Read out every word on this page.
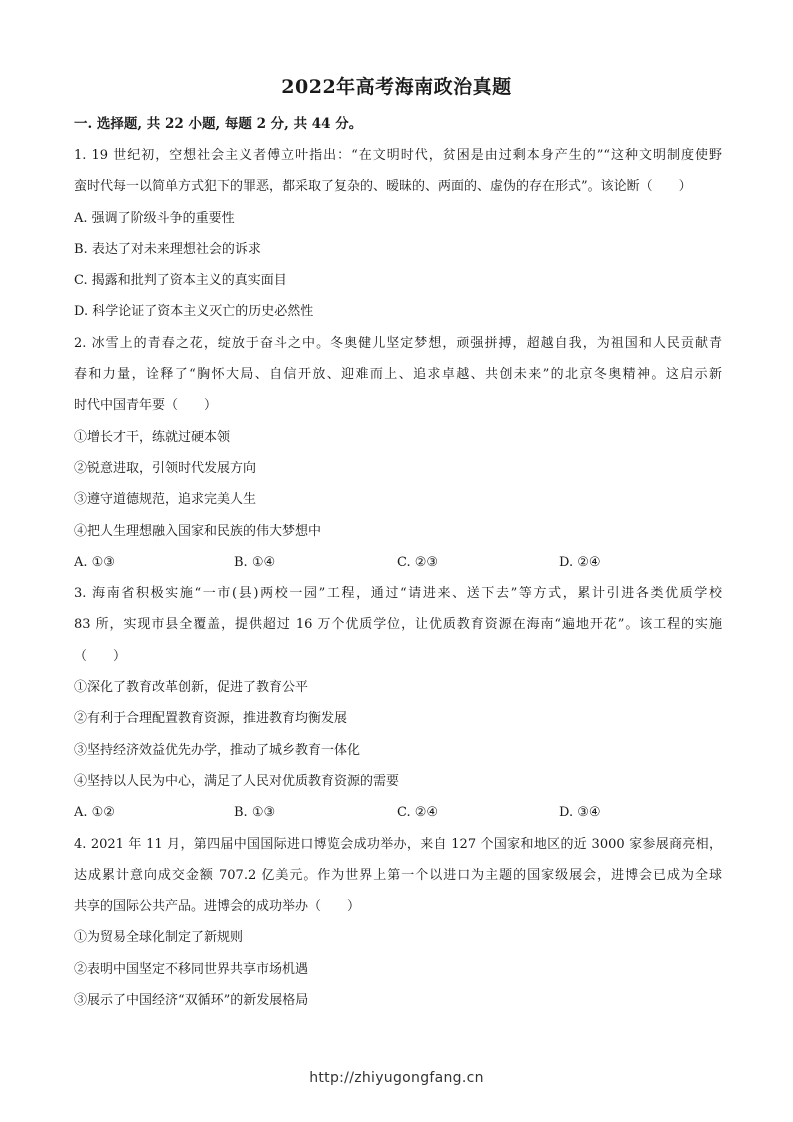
2022年高考海南政治真题
一. 选择题, 共 22 小题, 每题 2 分, 共 44 分。
1. 19 世纪初，空想社会主义者傅立叶指出：“在文明时代，贫困是由过剩本身产生的”“这种文明制度使野
蛮时代每一以简单方式犯下的罪恶，都采取了复杂的、暧昧的、两面的、虚伪的存在形式”。该论断（　　）
A. 强调了阶级斗争的重要性
B. 表达了对未来理想社会的诉求
C. 揭露和批判了资本主义的真实面目
D. 科学论证了资本主义灭亡的历史必然性
2. 冰雪上的青春之花，绽放于奋斗之中。冬奥健儿坚定梦想，顽强拼搏，超越自我，为祖国和人民贡献青
春和力量，诠释了“胸怀大局、自信开放、迎难而上、追求卓越、共创未来”的北京冬奥精神。这启示新
时代中国青年要（　　）
①增长才干，练就过硬本领
②锐意进取，引领时代发展方向
③遵守道德规范，追求完美人生
④把人生理想融入国家和民族的伟大梦想中
A. ①③	B. ①④	C. ②③	D. ②④
3. 海南省积极实施“一市(县)两校一园”工程，通过“请进来、送下去”等方式，累计引进各类优质学校
83 所，实现市县全覆盖，提供超过 16 万个优质学位，让优质教育资源在海南“遍地开花”。该工程的实施
（　　）
①深化了教育改革创新，促进了教育公平
②有利于合理配置教育资源，推进教育均衡发展
③坚持经济效益优先办学，推动了城乡教育一体化
④坚持以人民为中心，满足了人民对优质教育资源的需要
A. ①②	B. ①③	C. ②④	D. ③④
4. 2021 年 11 月，第四届中国国际进口博览会成功举办，来自 127 个国家和地区的近 3000 家参展商亮相，
达成累计意向成交金额 707.2 亿美元。作为世界上第一个以进口为主题的国家级展会，进博会已成为全球
共享的国际公共产品。进博会的成功举办（　　）
①为贸易全球化制定了新规则
②表明中国坚定不移同世界共享市场机遇
③展示了中国经济“双循环”的新发展格局
http://zhiyugongfang.cn
